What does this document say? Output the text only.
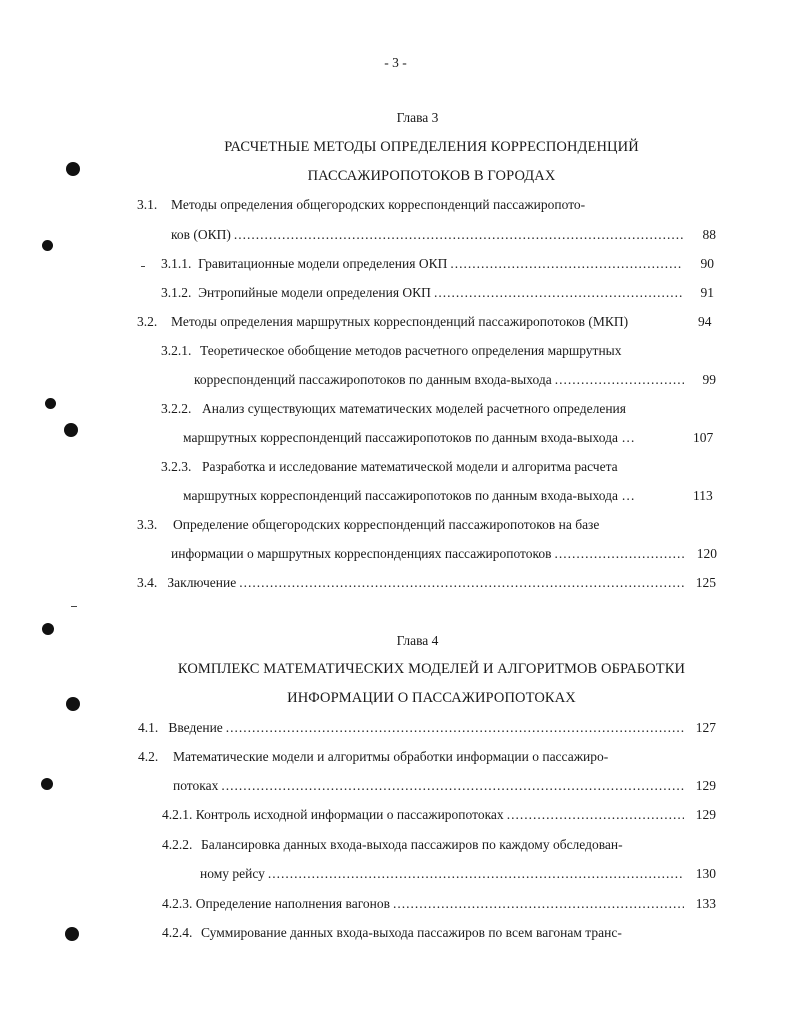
- 3 -
Глава 3
РАСЧЕТНЫЕ МЕТОДЫ ОПРЕДЕЛЕНИЯ КОРРЕСПОНДЕНЦИЙ
ПАССАЖИРОПОТОКОВ В ГОРОДАХ
3.1. Методы определения общегородских корреспонденций пассажиропото-
ков (ОКП) .....	88
3.1.1. Гравитационные модели определения ОКП .....	90
3.1.2. Энтропийные модели определения ОКП .....	91
3.2. Методы определения маршрутных корреспонденций пассажиропотоков (МКП)	94
3.2.1. Теоретическое обобщение методов расчетного определения маршрутных
корреспонденций пассажиропотоков по данным входа-выхода .....	99
3.2.2. Анализ существующих математических моделей расчетного определения
маршрутных корреспонденций пассажиропотоков по данным входа-выхода …	107
3.2.3. Разработка и исследование математической модели и алгоритма расчета
маршрутных корреспонденций пассажиропотоков по данным входа-выхода …	113
3.3. Определение общегородских корреспонденций пассажиропотоков на базе
информации о маршрутных корреспонденциях пассажиропотоков .....	120
3.4. Заключение .....	125
Глава 4
КОМПЛЕКС МАТЕМАТИЧЕСКИХ МОДЕЛЕЙ И АЛГОРИТМОВ ОБРАБОТКИ
ИНФОРМАЦИИ О ПАССАЖИРОПОТОКАХ
4.1. Введение .....	127
4.2. Математические модели и алгоритмы обработки информации о пассажиро-
потоках .....	129
4.2.1. Контроль исходной информации о пассажиропотоках .....	129
4.2.2. Балансировка данных входа-выхода пассажиров по каждому обследован-
ному рейсу .....	130
4.2.3. Определение наполнения вагонов .....	133
4.2.4. Суммирование данных входа-выхода пассажиров по всем вагонам транс-
